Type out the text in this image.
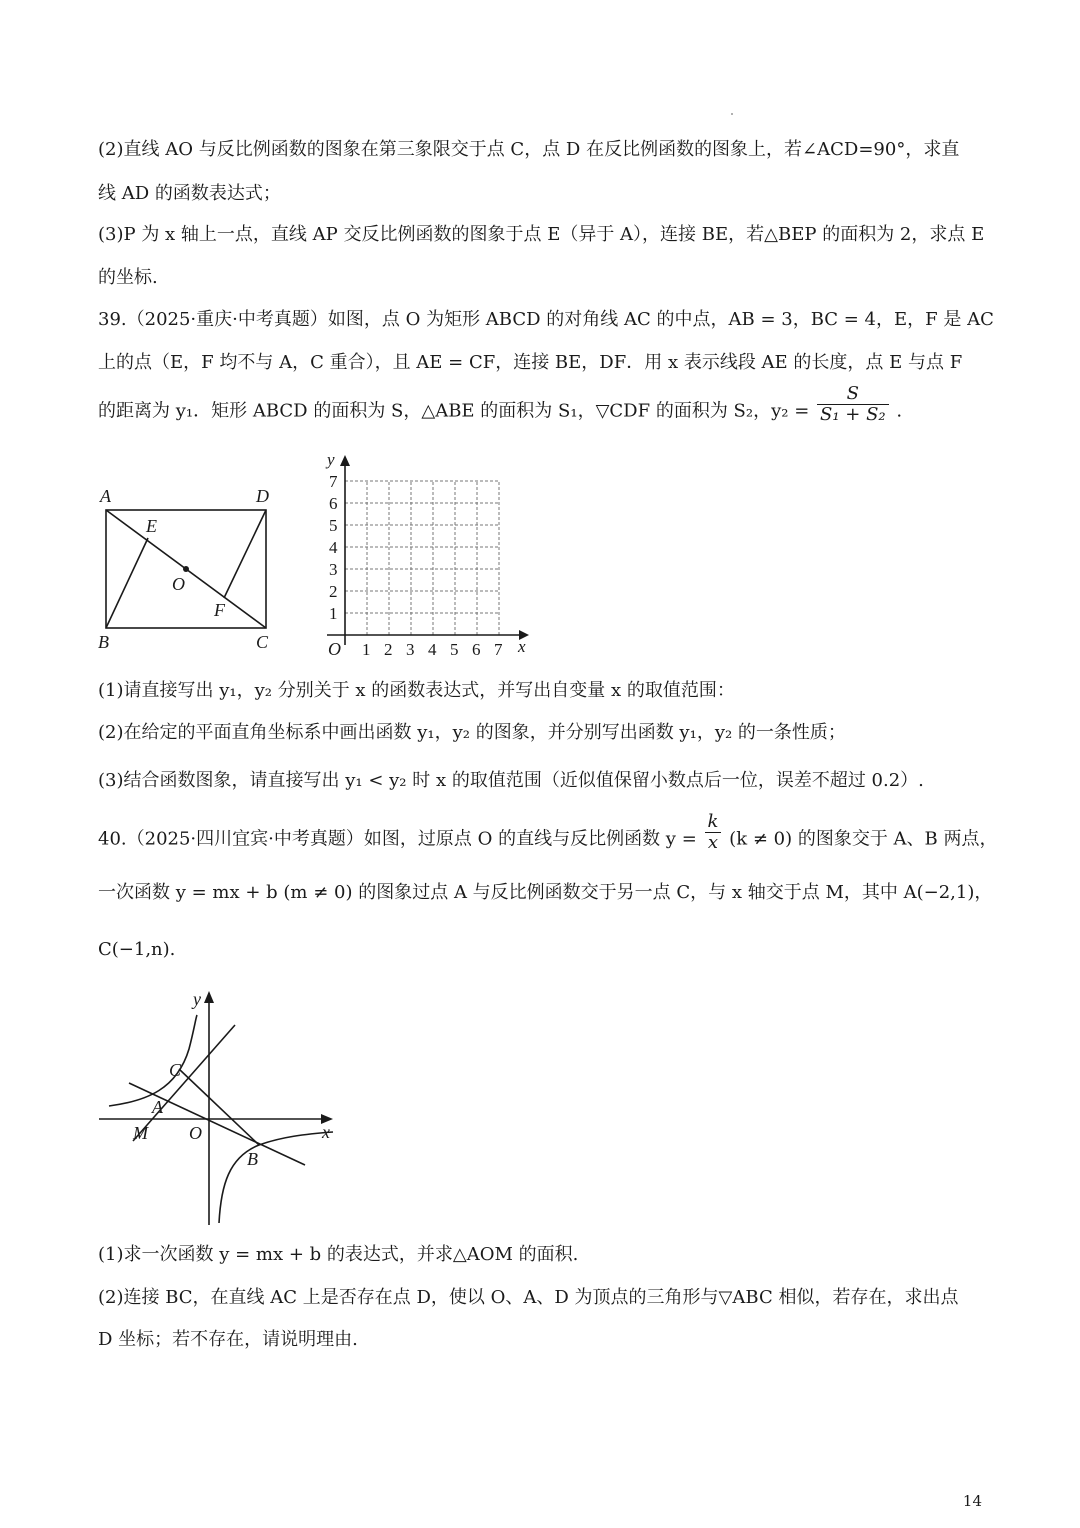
(2)直线 AO 与反比例函数的图象在第三象限交于点 C，点 D 在反比例函数的图象上，若∠ACD=90°，求直
线 AD 的函数表达式；
(3)P 为 x 轴上一点，直线 AP 交反比例函数的图象于点 E（异于 A），连接 BE，若△BEP 的面积为 2，求点 E
的坐标.
39.（2025·重庆·中考真题）如图，点 O 为矩形 ABCD 的对角线 AC 的中点，AB = 3，BC = 4，E，F 是 AC
上的点（E，F 均不与 A，C 重合），且 AE = CF，连接 BE，DF．用 x 表示线段 AE 的长度，点 E 与点 F
的距离为 y₁．矩形 ABCD 的面积为 S，△ABE 的面积为 S₁，▽CDF 的面积为 S₂，$y_2 = \frac{S}{\text{S₁ + S₂}}$ .
A	D
B	C
E
F
O
y
x
O 1 2 3 4 5 6 7
1
2
3
4
5
6
7
(1)请直接写出 y₁，y₂ 分别关于 x 的函数表达式，并写出自变量 x 的取值范围：
(2)在给定的平面直角坐标系中画出函数 y₁，y₂ 的图象，并分别写出函数 y₁，y₂ 的一条性质；
(3)结合函数图象，请直接写出 y₁ < y₂ 时 x 的取值范围（近似值保留小数点后一位，误差不超过 0.2）.
40.（2025·四川宜宾·中考真题）如图，过原点 O 的直线与反比例函数 $y = \frac{k}{x} (k \ne 0)$ 的图象交于 A、B 两点，
一次函数 y = mx + b (m ≠ 0) 的图象过点 A 与反比例函数交于另一点 C，与 x 轴交于点 M，其中 A(−2,1)，
C(−1,n).
y
x
O
A
B
C
M
(1)求一次函数 y = mx + b 的表达式，并求△AOM 的面积.
(2)连接 BC，在直线 AC 上是否存在点 D，使以 O、A、D 为顶点的三角形与▽ABC 相似，若存在，求出点
D 坐标；若不存在，请说明理由.
14
